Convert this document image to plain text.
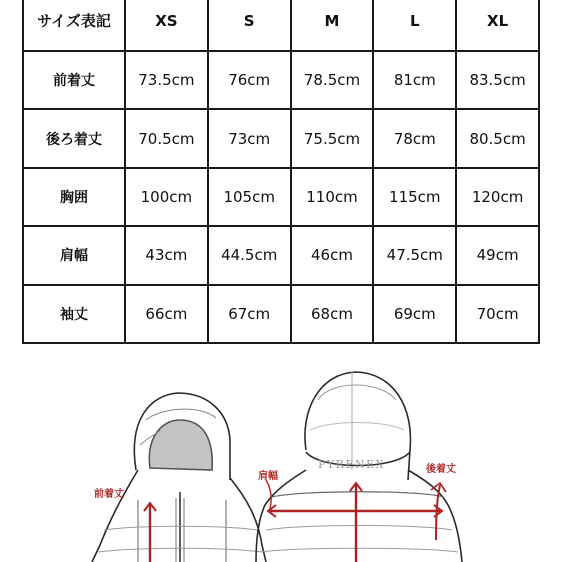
サイズ表記	XS	S	M	L	XL
前着丈	73.5cm	76cm	78.5cm	81cm	83.5cm
後ろ着丈	70.5cm	73cm	75.5cm	78cm	80.5cm
胸囲	100cm	105cm	110cm	115cm	120cm
肩幅	43cm	44.5cm	46cm	47.5cm	49cm
袖丈	66cm	67cm	68cm	69cm	70cm
前着丈
PYRENEX
肩幅
後着丈
